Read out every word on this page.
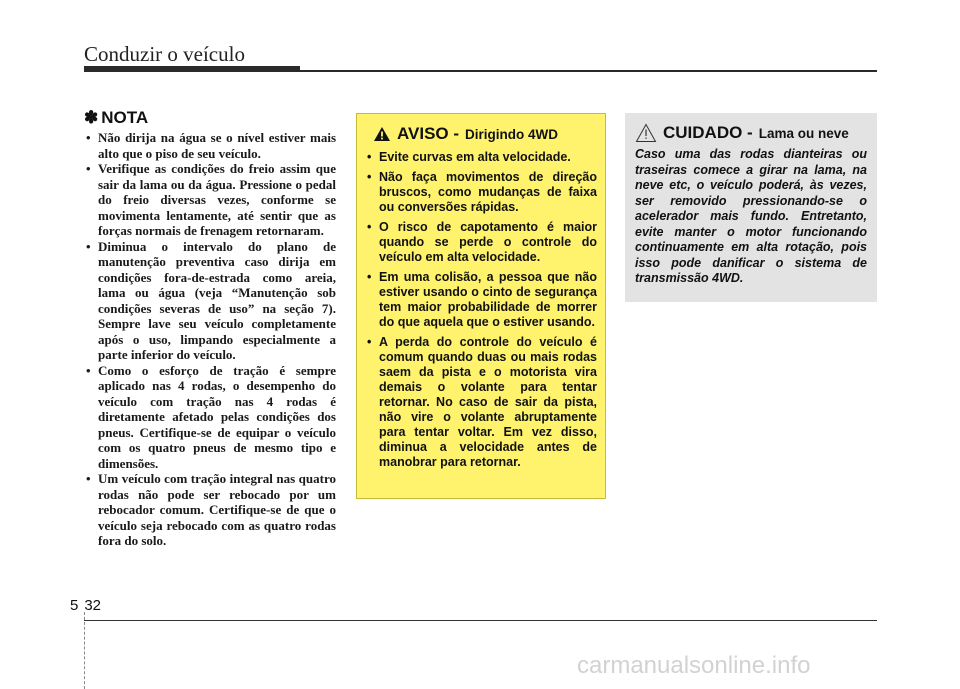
Conduzir o veículo
✽ NOTA
• Não dirija na água se o nível estiver mais alto que o piso de seu veículo.
• Verifique as condições do freio assim que sair da lama ou da água. Pressione o pedal do freio diversas vezes, conforme se movimenta lentamente, até sentir que as forças normais de frenagem retornaram.
• Diminua o intervalo do plano de manutenção preventiva caso dirija em condições fora-de-estrada como areia, lama ou água (veja “Manutenção sob condições severas de uso” na seção 7). Sempre lave seu veículo completamente após o uso, limpando especialmente a parte inferior do veículo.
• Como o esforço de tração é sempre aplicado nas 4 rodas, o desempenho do veículo com tração nas 4 rodas é diretamente afetado pelas condições dos pneus. Certifique-se de equipar o veículo com os quatro pneus de mesmo tipo e dimensões.
• Um veículo com tração integral nas quatro rodas não pode ser rebocado por um rebocador comum. Certifique-se de que o veículo seja rebocado com as quatro rodas fora do solo.
AVISO - Dirigindo 4WD
• Evite curvas em alta velocidade.
• Não faça movimentos de direção bruscos, como mudanças de faixa ou conversões rápidas.
• O risco de capotamento é maior quando se perde o controle do veículo em alta velocidade.
• Em uma colisão, a pessoa que não estiver usando o cinto de segurança tem maior probabilidade de morrer do que aquela que o estiver usando.
• A perda do controle do veículo é comum quando duas ou mais rodas saem da pista e o motorista vira demais o volante para tentar retornar. No caso de sair da pista, não vire o volante abruptamente para tentar voltar. Em vez disso, diminua a velocidade antes de manobrar para retornar.
CUIDADO - Lama ou neve

Caso uma das rodas dianteiras ou traseiras comece a girar na lama, na neve etc, o veículo poderá, às vezes, ser removido pressionando-se o acelerador mais fundo. Entretanto, evite manter o motor funcionando continuamente em alta rotação, pois isso pode danificar o sistema de transmissão 4WD.

5 32
carmanualsonline.info
